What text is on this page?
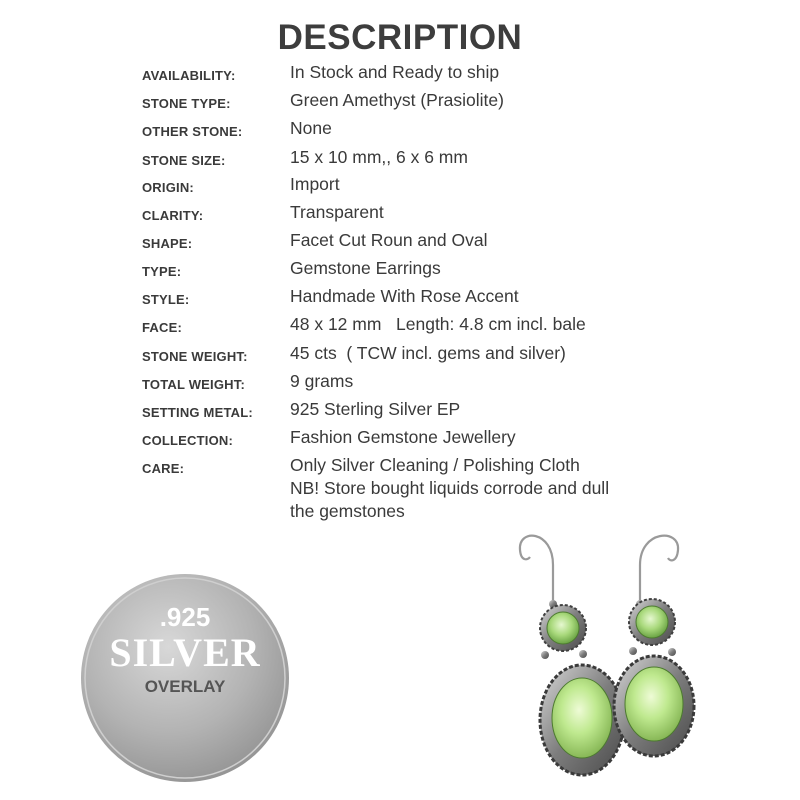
DESCRIPTION
AVAILABILITY:	In Stock and Ready to ship
STONE TYPE:	Green Amethyst (Prasiolite)
OTHER STONE:	None
STONE SIZE:	15 x 10 mm,, 6 x 6 mm
ORIGIN:	Import
CLARITY:	Transparent
SHAPE:	Facet Cut Roun and Oval
TYPE:	Gemstone Earrings
STYLE:	Handmade With Rose Accent
FACE:	48 x 12 mm   Length: 4.8 cm incl. bale
STONE WEIGHT: 45 cts  ( TCW incl. gems and silver)
TOTAL WEIGHT:	9 grams
SETTING METAL: 925 Sterling Silver EP
COLLECTION:	Fashion Gemstone Jewellery
CARE:	Only Silver Cleaning / Polishing Cloth
NB! Store bought liquids corrode and dull
the gemstones
.925
SILVER
OVERLAY
